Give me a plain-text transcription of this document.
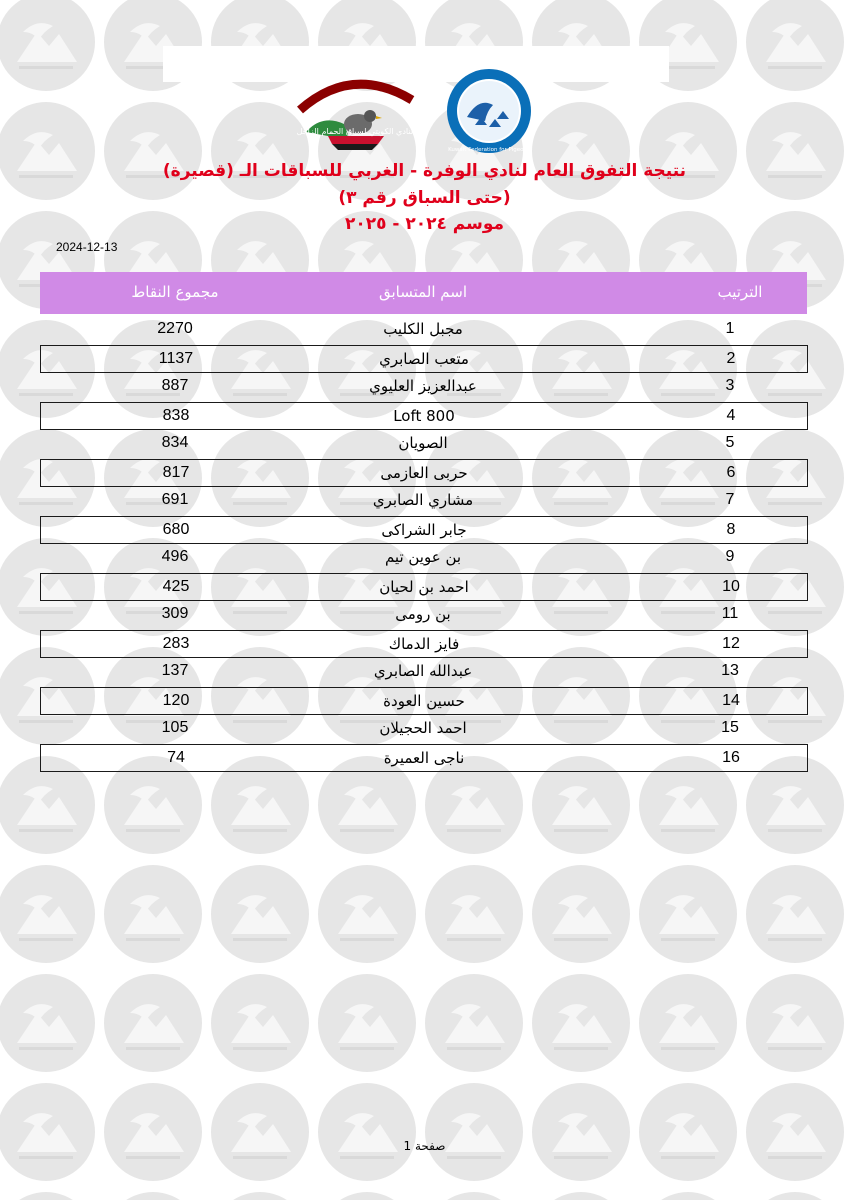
النادي الكويتي لسباق الحمام الزاجل
Kuwait Federation for Pigeons
نتيجة التفوق العام لنادي الوفرة - الغربي للسباقات الـ (قصيرة)
(حتى السباق رقم ٣)
موسم ٢٠٢٤ - ٢٠٢٥
2024-12-13
الترتيب
اسم المتسابق
مجموع النقاط
1
مجبل الكليب
2270
2
متعب الصابري
1137
3
عبدالعزيز العليوي
887
4
Loft 800
838
5
الصويان
834
6
حربى العازمى
817
7
مشاري الصابري
691
8
جابر الشراكى
680
9
بن عوين تيم
496
10
احمد بن لحيان
425
11
بن رومى
309
12
فايز الدماك
283
13
عبدالله الصابري
137
14
حسين العودة
120
15
احمد الحجيلان
105
16
ناجى العميرة
74
صفحة 1
